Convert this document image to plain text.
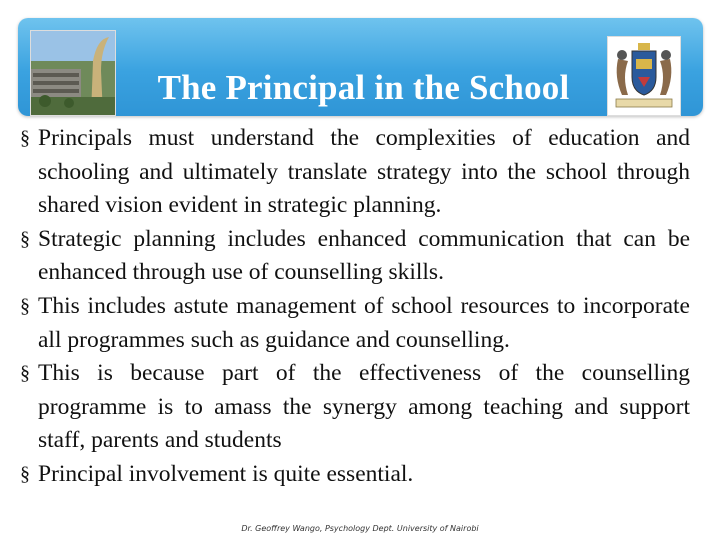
The Principal in the School
§ Principals must understand the complexities of education and schooling and ultimately translate strategy into the school through shared vision evident in strategic planning.
§ Strategic planning includes enhanced communication that can be enhanced through use of counselling skills.
§ This includes astute management of school resources to incorporate all programmes such as guidance and counselling.
§ This is because part of the effectiveness of the counselling programme is to amass the synergy among teaching and support staff, parents and students
§ Principal involvement is quite essential.
Dr. Geoffrey Wango, Psychology Dept. University of Nairobi
